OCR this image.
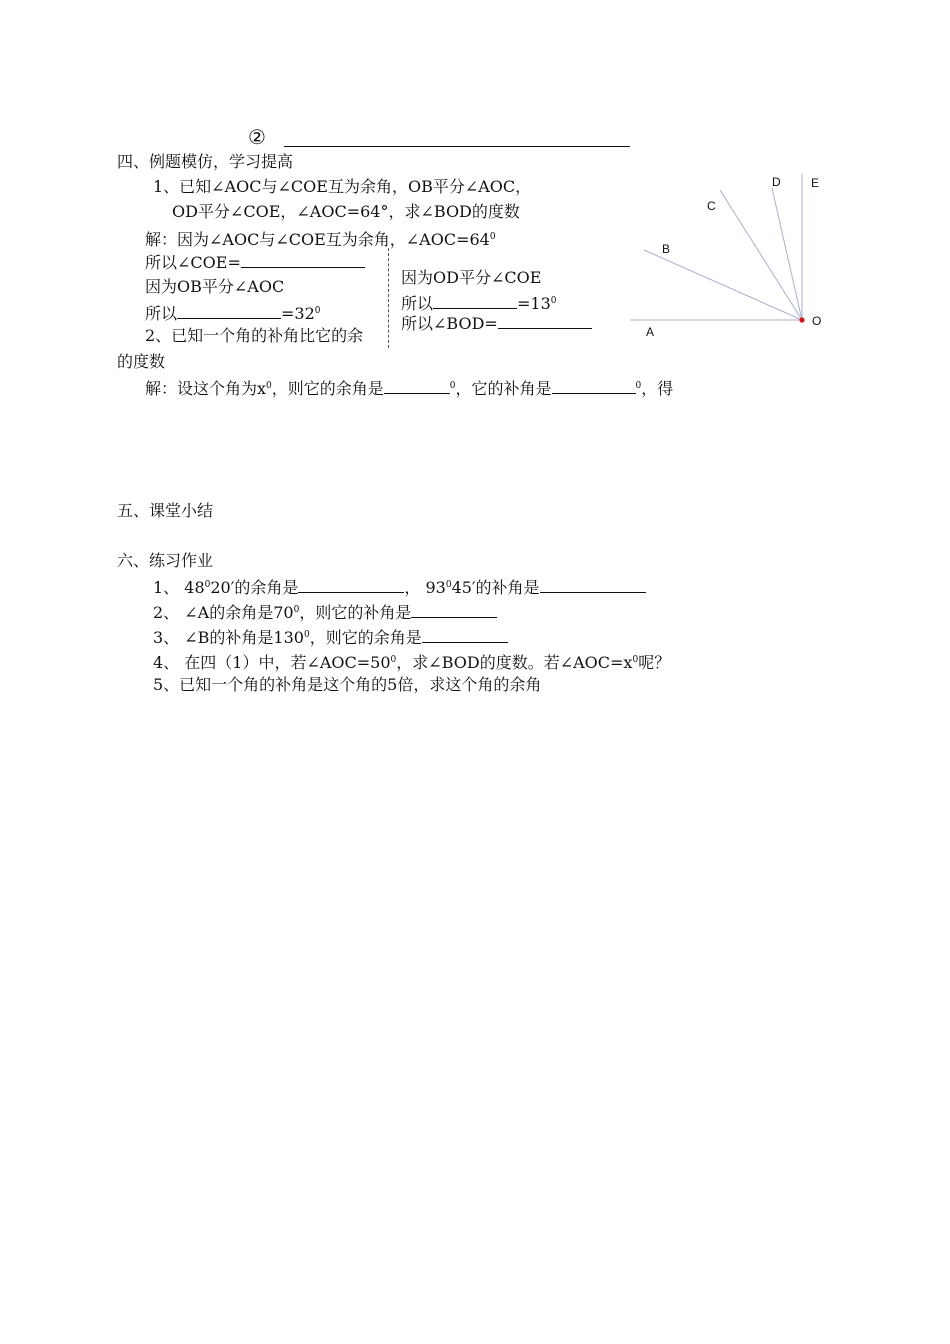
②
四、例题模仿，学习提高
1、已知∠AOC与∠COE互为余角，OB平分∠AOC，
OD平分∠COE，∠AOC=64°，求∠BOD的度数
解：因为∠AOC与∠COE互为余角，$\angle AOC=64^0$
所以∠COE=
因为OB平分∠AOC
所以	$=32^0$
因为OD平分∠COE
所以	$=13^0$
所以∠BOD=
2、已知一个角的补角比它的余
的度数
解：设这个角为$x^0$，则它的余角是	$^0$，它的补角是	$^0$，得
A
B
C
D	E
O
五、课堂小结
六、练习作业
1、 $48^020'$的余角是	， $93^045'$的补角是
2、 ∠A的余角是$70^0$，则它的补角是
3、 ∠B的补角是$130^0$，则它的余角是
4、 在四（1）中，若$\angle AOC=50^0$，求∠BOD的度数。若$\angle AOC=x^0$呢？
5、已知一个角的补角是这个角的5倍，求这个角的余角
